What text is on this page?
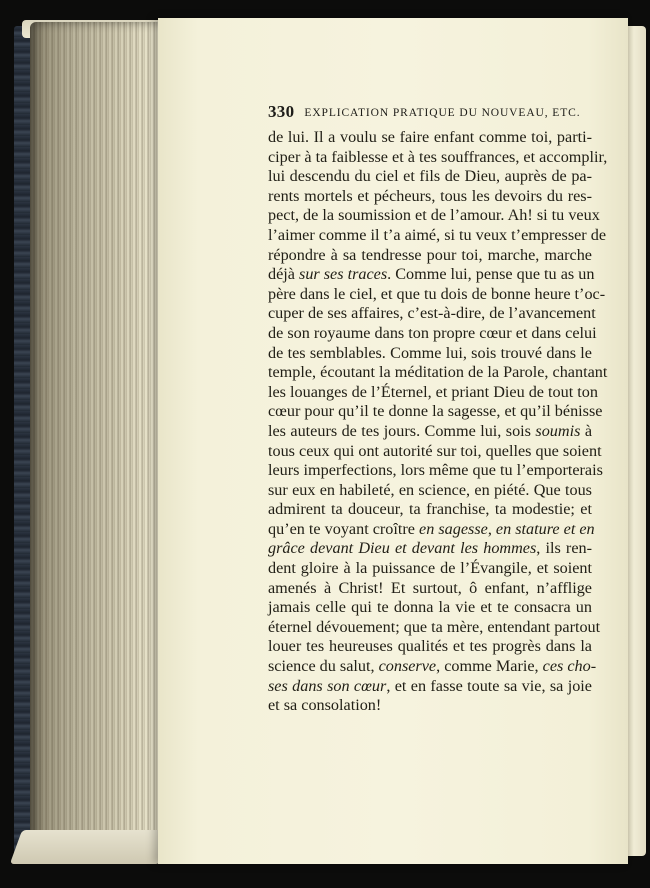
330 EXPLICATION PRATIQUE DU NOUVEAU, ETC.
de lui. Il a voulu se faire enfant comme toi, parti-
ciper à ta faiblesse et à tes souffrances, et accomplir,
lui descendu du ciel et fils de Dieu, auprès de pa-
rents mortels et pécheurs, tous les devoirs du res-
pect, de la soumission et de l’amour. Ah! si tu veux
l’aimer comme il t’a aimé, si tu veux t’empresser de
répondre à sa tendresse pour toi, marche, marche
déjà sur ses traces. Comme lui, pense que tu as un
père dans le ciel, et que tu dois de bonne heure t’oc-
cuper de ses affaires, c’est-à-dire, de l’avancement
de son royaume dans ton propre cœur et dans celui
de tes semblables. Comme lui, sois trouvé dans le
temple, écoutant la méditation de la Parole, chantant
les louanges de l’Éternel, et priant Dieu de tout ton
cœur pour qu’il te donne la sagesse, et qu’il bénisse
les auteurs de tes jours. Comme lui, sois soumis à
tous ceux qui ont autorité sur toi, quelles que soient
leurs imperfections, lors même que tu l’emporterais
sur eux en habileté, en science, en piété. Que tous
admirent ta douceur, ta franchise, ta modestie; et
qu’en te voyant croître en sagesse, en stature et en
grâce devant Dieu et devant les hommes, ils ren-
dent gloire à la puissance de l’Évangile, et soient
amenés à Christ! Et surtout, ô enfant, n’afflige
jamais celle qui te donna la vie et te consacra un
éternel dévouement; que ta mère, entendant partout
louer tes heureuses qualités et tes progrès dans la
science du salut, conserve, comme Marie, ces cho-
ses dans son cœur, et en fasse toute sa vie, sa joie
et sa consolation!
